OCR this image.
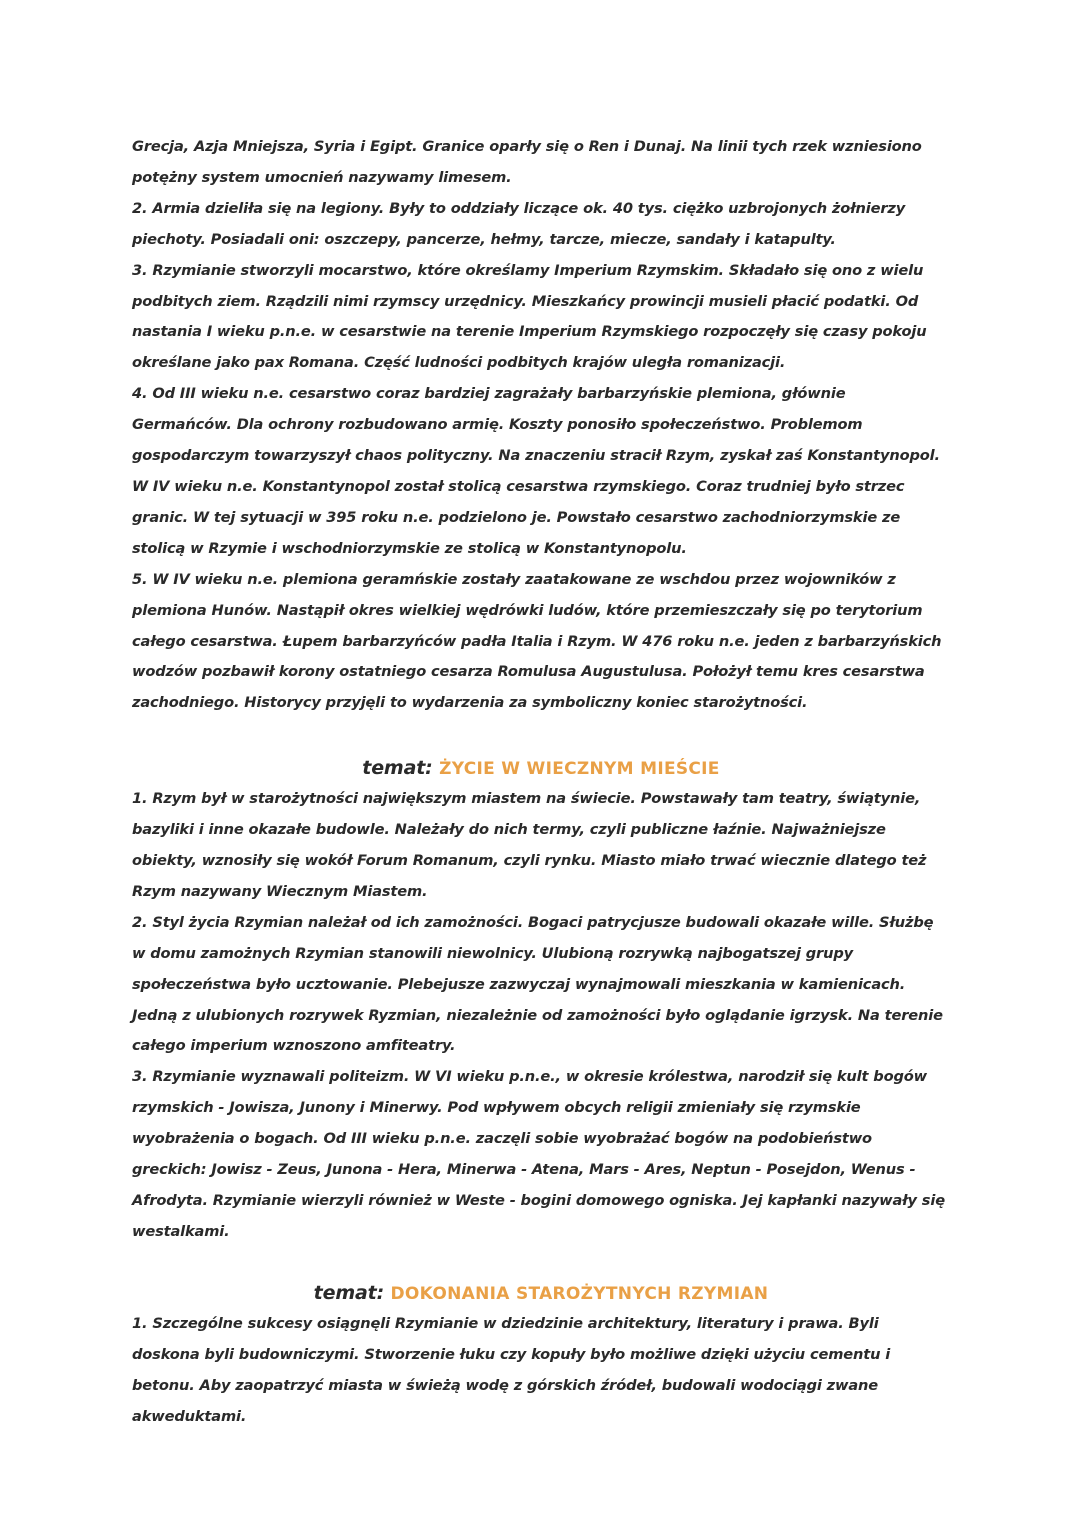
Grecja, Azja Mniejsza, Syria i Egipt. Granice oparły się o Ren i Dunaj. Na linii tych rzek wzniesiono potężny system umocnień nazywamy limesem.

2. Armia dzieliła się na legiony. Były to oddziały liczące ok. 40 tys. ciężko uzbrojonych żołnierzy piechoty. Posiadali oni: oszczepy, pancerze, hełmy, tarcze, miecze, sandały i katapulty.

3. Rzymianie stworzyli mocarstwo, które określamy Imperium Rzymskim. Składało się ono z wielu podbitych ziem. Rządzili nimi rzymscy urzędnicy. Mieszkańcy prowincji musieli płacić podatki. Od nastania I wieku p.n.e. w cesarstwie na terenie Imperium Rzymskiego rozpoczęły się czasy pokoju określane jako pax Romana. Część ludności podbitych krajów uległa romanizacji.

4. Od III wieku n.e. cesarstwo coraz bardziej zagrażały barbarzyńskie plemiona, głównie Germańców. Dla ochrony rozbudowano armię. Koszty ponosiło społeczeństwo. Problemom gospodarczym towarzyszył chaos polityczny. Na znaczeniu stracił Rzym, zyskał zaś Konstantynopol. W IV wieku n.e. Konstantynopol został stolicą cesarstwa rzymskiego. Coraz trudniej było strzec granic. W tej sytuacji w 395 roku n.e. podzielono je. Powstało cesarstwo zachodniorzymskie ze stolicą w Rzymie i wschodniorzymskie ze stolicą w Konstantynopolu.

5. W IV wieku n.e. plemiona geramńskie zostały zaatakowane ze wschdou przez wojowników z plemiona Hunów. Nastąpił okres wielkiej wędrówki ludów, które przemieszczały się po terytorium całego cesarstwa. Łupem barbarzyńców padła Italia i Rzym. W 476 roku n.e. jeden z barbarzyńskich wodzów pozbawił korony ostatniego cesarza Romulusa Augustulusa. Położył temu kres cesarstwa zachodniego. Historycy przyjęli to wydarzenia za symboliczny koniec starożytności.

temat: ŻYCIE W WIECZNYM MIEŚCIE

1. Rzym był w starożytności największym miastem na świecie. Powstawały tam teatry, świątynie, bazyliki i inne okazałe budowle. Należały do nich termy, czyli publiczne łaźnie. Najważniejsze obiekty, wznosiły się wokół Forum Romanum, czyli rynku. Miasto miało trwać wiecznie dlatego też Rzym nazywany Wiecznym Miastem.

2. Styl życia Rzymian należał od ich zamożności. Bogaci patrycjusze budowali okazałe wille. Służbę w domu zamożnych Rzymian stanowili niewolnicy. Ulubioną rozrywką najbogatszej grupy społeczeństwa było ucztowanie. Plebejusze zazwyczaj wynajmowali mieszkania w kamienicach. Jedną z ulubionych rozrywek Ryzmian, niezależnie od zamożności było oglądanie igrzysk. Na terenie całego imperium wznoszono amfiteatry.

3. Rzymianie wyznawali politeizm. W VI wieku p.n.e., w okresie królestwa, narodził się kult bogów rzymskich - Jowisza, Junony i Minerwy. Pod wpływem obcych religii zmieniały się rzymskie wyobrażenia o bogach. Od III wieku p.n.e. zaczęli sobie wyobrażać bogów na podobieństwo greckich: Jowisz - Zeus, Junona - Hera, Minerwa - Atena, Mars - Ares, Neptun - Posejdon, Wenus - Afrodyta. Rzymianie wierzyli również w Weste - bogini domowego ogniska. Jej kapłanki nazywały się westalkami.

temat: DOKONANIA STAROŻYTNYCH RZYMIAN

1. Szczególne sukcesy osiągnęli Rzymianie w dziedzinie architektury, literatury i prawa. Byli doskona byli budowniczymi. Stworzenie łuku czy kopuły było możliwe dzięki użyciu cementu i betonu. Aby zaopatrzyć miasta w świeżą wodę z górskich źródeł, budowali wodociągi zwane akweduktami.
